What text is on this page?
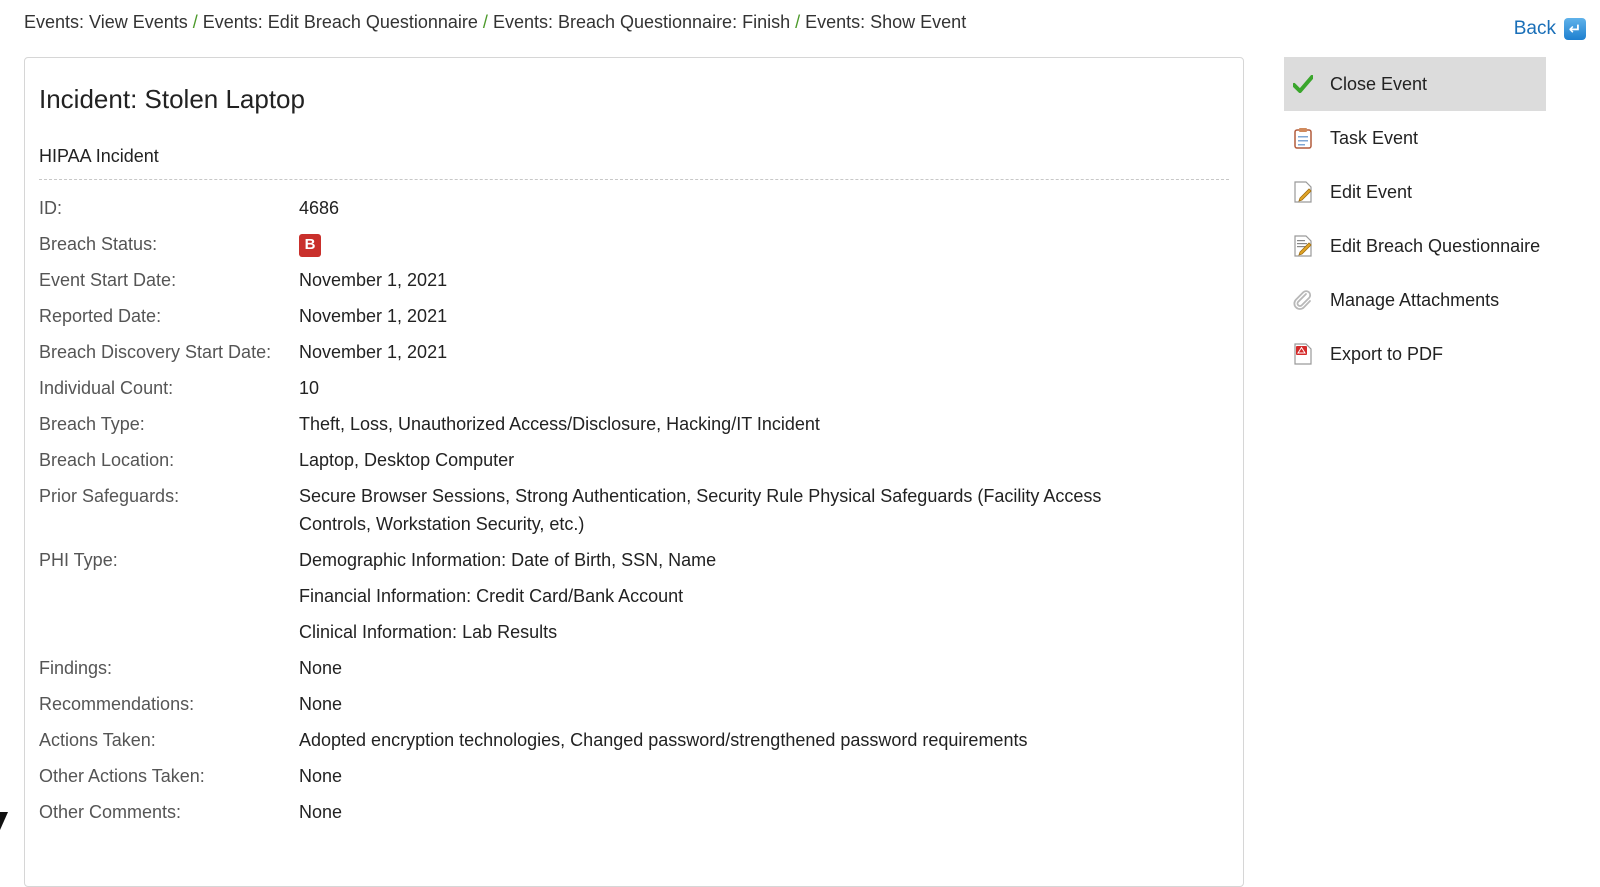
Events: View Events / Events: Edit Breach Questionnaire / Events: Breach Questionnaire: Finish / Events: Show Event	Back ↵
Incident: Stolen Laptop
HIPAA Incident
ID:	4686
Breach Status:	B
Event Start Date:	November 1, 2021
Reported Date:	November 1, 2021
Breach Discovery Start Date:	November 1, 2021
Individual Count:	10
Breach Type:	Theft, Loss, Unauthorized Access/Disclosure, Hacking/IT Incident
Breach Location:	Laptop, Desktop Computer
Prior Safeguards:	Secure Browser Sessions, Strong Authentication, Security Rule Physical Safeguards (Facility Access Controls, Workstation Security, etc.)
PHI Type:	Demographic Information: Date of Birth, SSN, Name
Financial Information: Credit Card/Bank Account
Clinical Information: Lab Results
Findings:	None
Recommendations:	None
Actions Taken:	Adopted encryption technologies, Changed password/strengthened password requirements
Other Actions Taken:	None
Other Comments:	None
Close Event
Task Event
Edit Event
Edit Breach Questionnaire
Manage Attachments
Export to PDF
